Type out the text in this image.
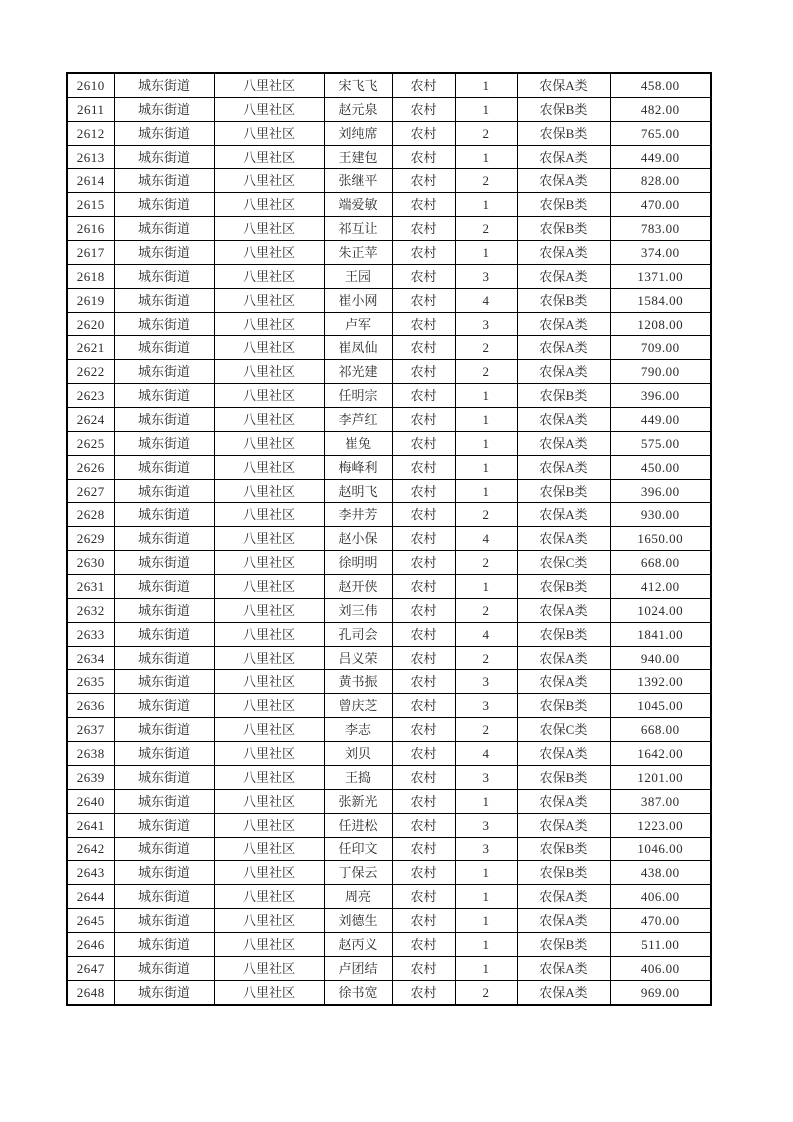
2610	城东街道	八里社区	宋飞飞	农村	1	农保A类	458.00
2611	城东街道	八里社区	赵元泉	农村	1	农保B类	482.00
2612	城东街道	八里社区	刘纯席	农村	2	农保B类	765.00
2613	城东街道	八里社区	王建包	农村	1	农保A类	449.00
2614	城东街道	八里社区	张继平	农村	2	农保A类	828.00
2615	城东街道	八里社区	端爱敏	农村	1	农保B类	470.00
2616	城东街道	八里社区	祁互让	农村	2	农保B类	783.00
2617	城东街道	八里社区	朱正苹	农村	1	农保A类	374.00
2618	城东街道	八里社区	王园	农村	3	农保A类	1371.00
2619	城东街道	八里社区	崔小网	农村	4	农保B类	1584.00
2620	城东街道	八里社区	卢军	农村	3	农保A类	1208.00
2621	城东街道	八里社区	崔凤仙	农村	2	农保A类	709.00
2622	城东街道	八里社区	祁光建	农村	2	农保A类	790.00
2623	城东街道	八里社区	任明宗	农村	1	农保B类	396.00
2624	城东街道	八里社区	李芦红	农村	1	农保A类	449.00
2625	城东街道	八里社区	崔兔	农村	1	农保A类	575.00
2626	城东街道	八里社区	梅峰利	农村	1	农保A类	450.00
2627	城东街道	八里社区	赵明飞	农村	1	农保B类	396.00
2628	城东街道	八里社区	李井芳	农村	2	农保A类	930.00
2629	城东街道	八里社区	赵小保	农村	4	农保A类	1650.00
2630	城东街道	八里社区	徐明明	农村	2	农保C类	668.00
2631	城东街道	八里社区	赵开侠	农村	1	农保B类	412.00
2632	城东街道	八里社区	刘三伟	农村	2	农保A类	1024.00
2633	城东街道	八里社区	孔司会	农村	4	农保B类	1841.00
2634	城东街道	八里社区	吕义荣	农村	2	农保A类	940.00
2635	城东街道	八里社区	黄书振	农村	3	农保A类	1392.00
2636	城东街道	八里社区	曾庆芝	农村	3	农保B类	1045.00
2637	城东街道	八里社区	李志	农村	2	农保C类	668.00
2638	城东街道	八里社区	刘贝	农村	4	农保A类	1642.00
2639	城东街道	八里社区	王捣	农村	3	农保B类	1201.00
2640	城东街道	八里社区	张新光	农村	1	农保A类	387.00
2641	城东街道	八里社区	任进松	农村	3	农保A类	1223.00
2642	城东街道	八里社区	任印文	农村	3	农保B类	1046.00
2643	城东街道	八里社区	丁保云	农村	1	农保B类	438.00
2644	城东街道	八里社区	周亮	农村	1	农保A类	406.00
2645	城东街道	八里社区	刘德生	农村	1	农保A类	470.00
2646	城东街道	八里社区	赵丙义	农村	1	农保B类	511.00
2647	城东街道	八里社区	卢团结	农村	1	农保A类	406.00
2648	城东街道	八里社区	徐书宽	农村	2	农保A类	969.00
